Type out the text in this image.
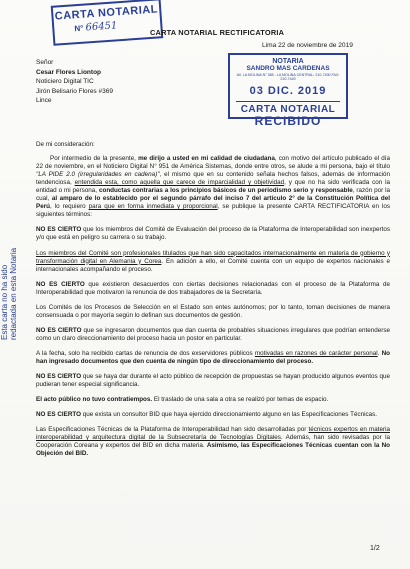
CARTA NOTARIAL
N° 66451	CARTA NOTARIAL RECTIFICATORIA
Lima 22 de noviembre de 2019
NOTARIA
SANDRO MAS CARDENAS
AV. LA MOLINA N° 385 - LA MOLINA CENTRAL: 210-7400 FAX: 210-7440
03 DIC. 2019
CARTA NOTARIAL
RECIBIDO
Señor
Cesar Flores Liontop
Noticiero Digital TIC
Jirón Belisario Flores #369
Lince
Esta carta no ha sido redactada en esta Notaria

De mi consideración:

Por intermedio de la presente, me dirijo a usted en mi calidad de ciudadana, con motivo del artículo publicado el día 22 de noviembre, en el Noticiero Digital N° 951 de América Sistemas, donde entre otros, se alude a mi persona, bajo el título "LA PIDE 2.0 (irregularidades en cadena)", el mismo que en su contenido señala hechos falsos, además de información tendenciosa, entendida esta, como aquella que carece de imparcialidad y objetividad, y que no ha sido verificada con la entidad o mi persona, conductas contrarias a los principios básicos de un periodismo serio y responsable, razón por la cual, al amparo de lo establecido por el segundo párrafo del inciso 7 del artículo 2° de la Constitución Política del Perú, lo requiero para que en forma inmediata y proporcional, se publique la presente CARTA RECTIFICATORIA en los siguientes términos:

NO ES CIERTO que los miembros del Comité de Evaluación del proceso de la Plataforma de Interoperabilidad son inexpertos y/o que está en peligro su carrera o su trabajo.

Los miembros del Comité son profesionales titulados que han sido capacitados internacionalmente en materia de gobierno y transformación digital en Alemania y Corea. En adición a ello, el Comité cuenta con un equipo de expertos nacionales e internacionales acompañando el proceso.

NO ES CIERTO que existieron desacuerdos con ciertas decisiones relacionadas con el proceso de la Plataforma de Interoperabilidad que motivaron la renuncia de dos trabajadores de la Secretaría.

Los Comités de los Procesos de Selección en el Estado son entes autónomos; por lo tanto, toman decisiones de manera consensuada o por mayoría según lo definan sus documentos de gestión.

NO ES CIERTO que se ingresaron documentos que dan cuenta de probables situaciones irregulares que podrían entenderse como un claro direccionamiento del proceso hacia un postor en particular.

A la fecha, solo ha recibido cartas de renuncia de dos exservidores públicos motivadas en razones de carácter personal. No han ingresado documentos que den cuenta de ningún tipo de direccionamiento del proceso.

NO ES CIERTO que se haya dar durante el acto público de recepción de propuestas se hayan producido algunos eventos que pudieran tener especial significancia.

El acto público no tuvo contratiempos. El traslado de una sala a otra se realizó por temas de espacio.

NO ES CIERTO que exista un consultor BID que haya ejercido direccionamiento alguno en las Especificaciones Técnicas.

Las Especificaciones Técnicas de la Plataforma de Interoperabilidad han sido desarrolladas por técnicos expertos en materia interoperabilidad y arquitectura digital de la Subsecretaría de Tecnologías Digitales. Además, han sido revisadas por la Cooperación Coreana y expertos del BID en dicha materia. Asimismo, las Especificaciones Técnicas cuentan con la No Objeción del BID.

1/2
